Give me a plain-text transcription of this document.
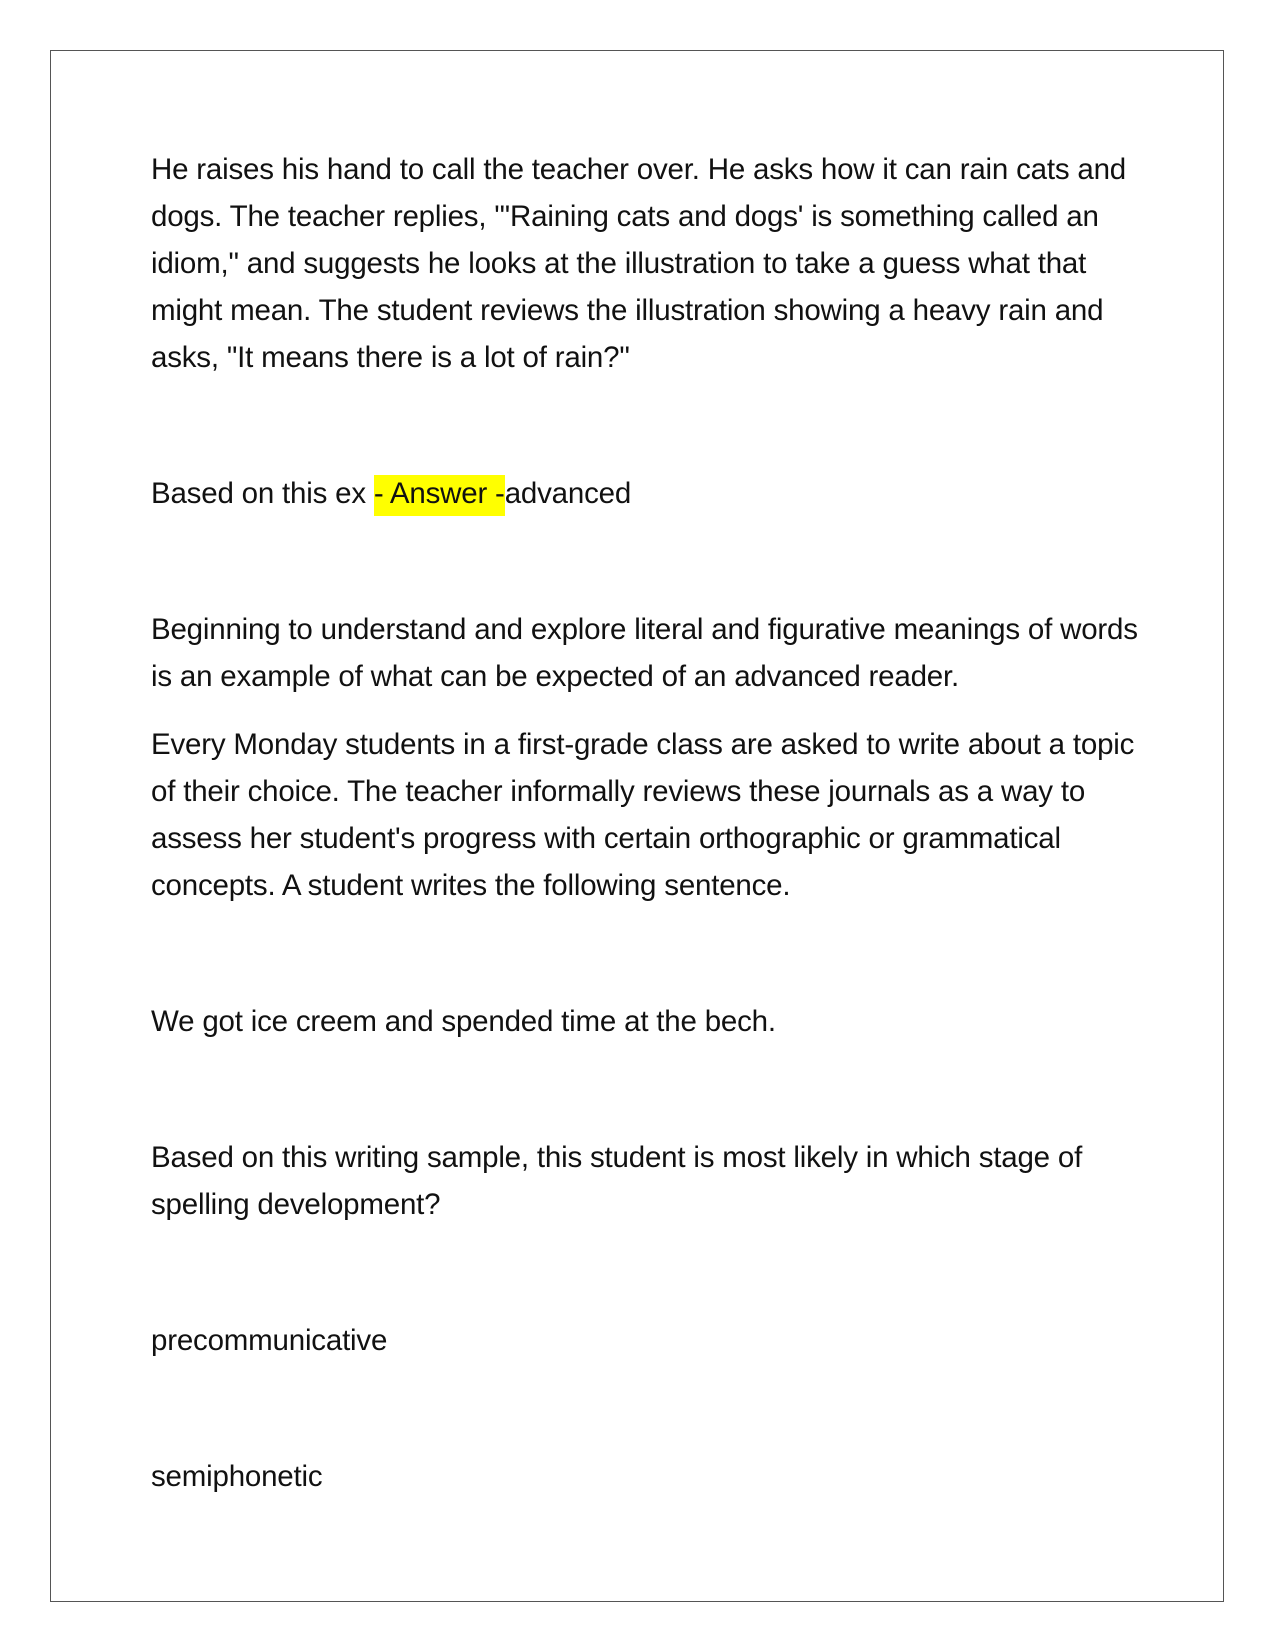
He raises his hand to call the teacher over. He asks how it can rain cats and dogs. The teacher replies, "'Raining cats and dogs' is something called an idiom," and suggests he looks at the illustration to take a guess what that might mean. The student reviews the illustration showing a heavy rain and asks, "It means there is a lot of rain?"

Based on this ex - Answer -advanced

Beginning to understand and explore literal and figurative meanings of words is an example of what can be expected of an advanced reader.

Every Monday students in a first-grade class are asked to write about a topic of their choice. The teacher informally reviews these journals as a way to assess her student's progress with certain orthographic or grammatical concepts. A student writes the following sentence.

We got ice creem and spended time at the bech.

Based on this writing sample, this student is most likely in which stage of spelling development?

precommunicative

semiphonetic
